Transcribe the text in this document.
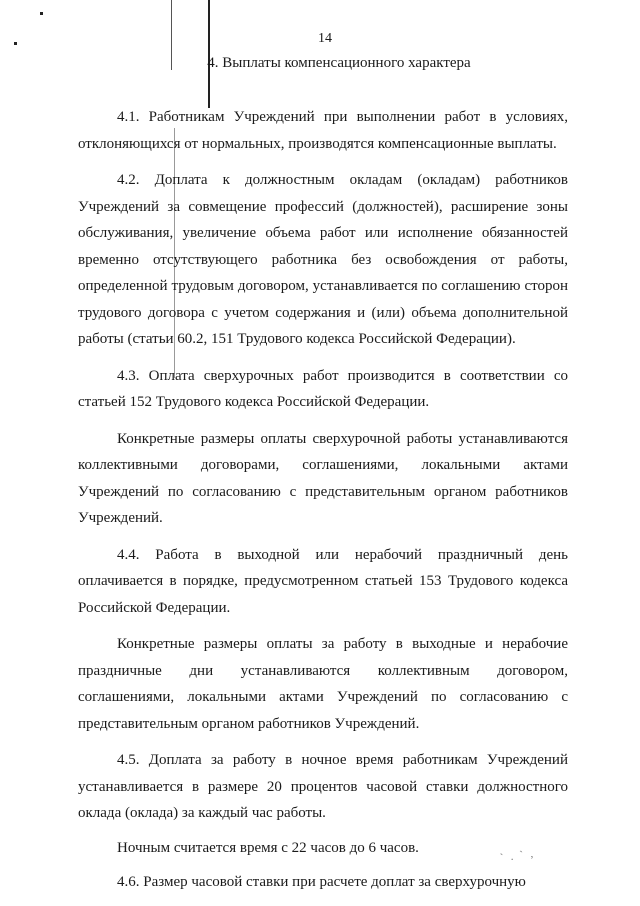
` . ` ,
14
4. Выплаты компенсационного характера

4.1. Работникам Учреждений при выполнении работ в условиях, отклоняющихся от нормальных, производятся компенсационные выплаты.

4.2. Доплата к должностным окладам (окладам) работников Учреждений за совмещение профессий (должностей), расширение зоны обслуживания, увеличение объема работ или исполнение обязанностей временно отсутствующего работника без освобождения от работы, определенной трудовым договором, устанавливается по соглашению сторон трудового договора с учетом содержания и (или) объема дополнительной работы (статьи 60.2, 151 Трудового кодекса Российской Федерации).

4.3. Оплата сверхурочных работ производится в соответствии со статьей 152 Трудового кодекса Российской Федерации.

Конкретные размеры оплаты сверхурочной работы устанавливаются коллективными договорами, соглашениями, локальными актами Учреждений по согласованию с представительным органом работников Учреждений.

4.4. Работа в выходной или нерабочий праздничный день оплачивается в порядке, предусмотренном статьей 153 Трудового кодекса Российской Федерации.

Конкретные размеры оплаты за работу в выходные и нерабочие праздничные дни устанавливаются коллективным договором, соглашениями, локальными актами Учреждений по согласованию с представительным органом работников Учреждений.

4.5. Доплата за работу в ночное время работникам Учреждений устанавливается в размере 20 процентов часовой ставки должностного оклада (оклада) за каждый час работы.

Ночным считается время с 22 часов до 6 часов.

4.6. Размер часовой ставки при расчете доплат за сверхурочную
